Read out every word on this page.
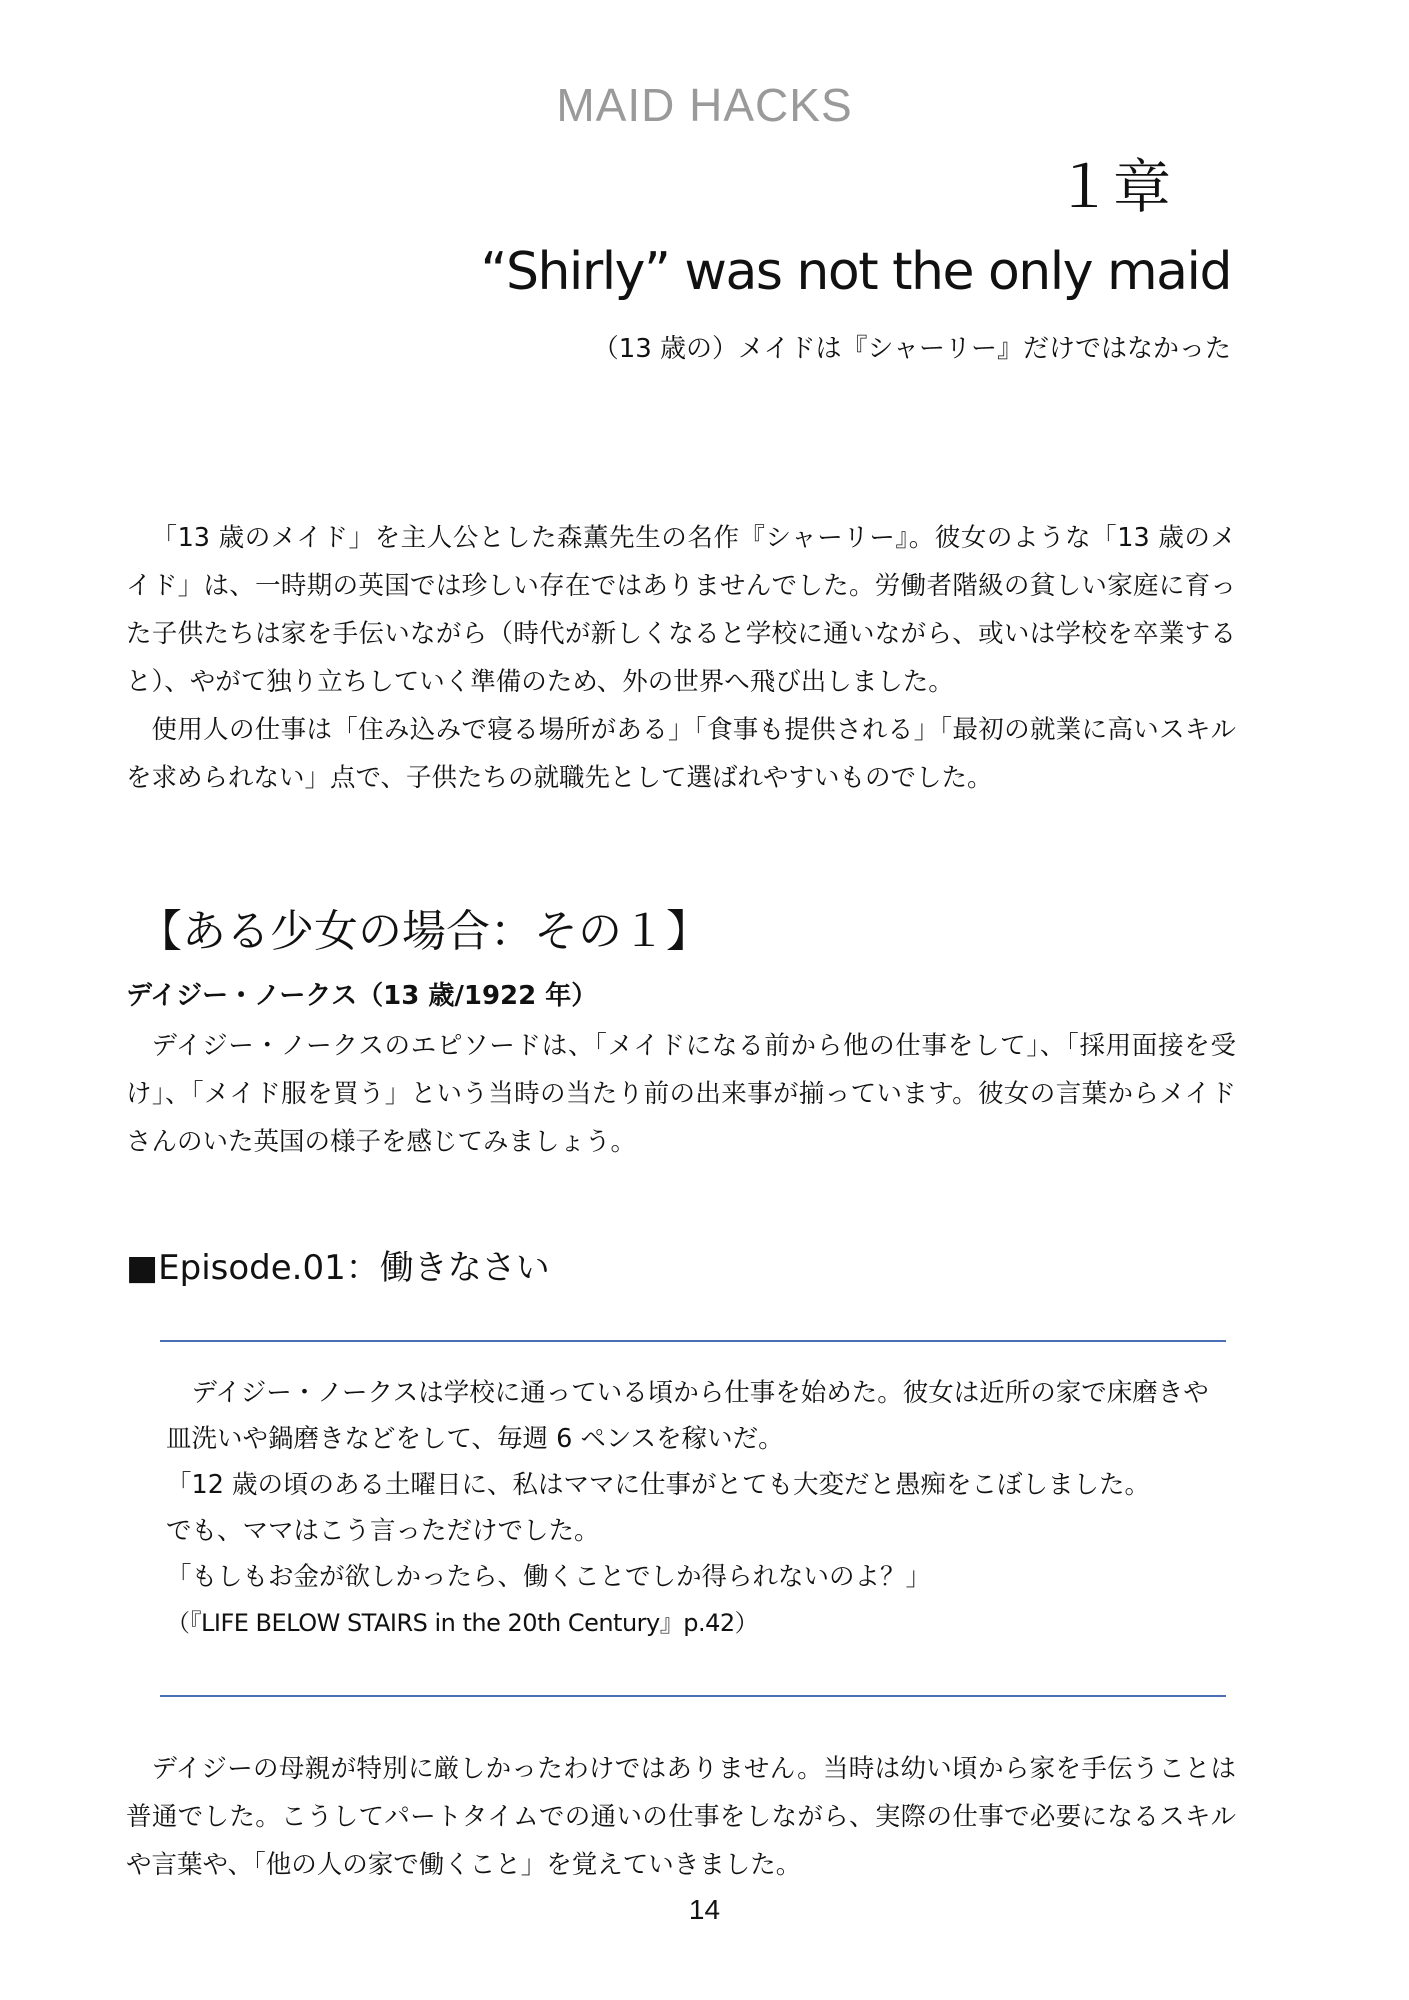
MAID HACKS
１章
“Shirly” was not the only maid
（13 歳の）メイドは『シャーリー』だけではなかった

「13 歳のメイド」を主人公とした森薫先生の名作『シャーリー』。彼女のような「13 歳のメイド」は、一時期の英国では珍しい存在ではありませんでした。労働者階級の貧しい家庭に育った子供たちは家を手伝いながら（時代が新しくなると学校に通いながら、或いは学校を卒業すると）、やがて独り立ちしていく準備のため、外の世界へ飛び出しました。

使用人の仕事は「住み込みで寝る場所がある」「食事も提供される」「最初の就業に高いスキルを求められない」点で、子供たちの就職先として選ばれやすいものでした。

【ある少女の場合：その１】
デイジー・ノークス（13 歳/1922 年）

デイジー・ノークスのエピソードは、「メイドになる前から他の仕事をして」、「採用面接を受け」、「メイド服を買う」という当時の当たり前の出来事が揃っています。彼女の言葉からメイドさんのいた英国の様子を感じてみましょう。

■Episode.01：働きなさい

デイジー・ノークスは学校に通っている頃から仕事を始めた。彼女は近所の家で床磨きや皿洗いや鍋磨きなどをして、毎週 6 ペンスを稼いだ。

「12 歳の頃のある土曜日に、私はママに仕事がとても大変だと愚痴をこぼしました。

でも、ママはこう言っただけでした。

「もしもお金が欲しかったら、働くことでしか得られないのよ？」

（『LIFE BELOW STAIRS in the 20th Century』p.42）

デイジーの母親が特別に厳しかったわけではありません。当時は幼い頃から家を手伝うことは普通でした。こうしてパートタイムでの通いの仕事をしながら、実際の仕事で必要になるスキルや言葉や、「他の人の家で働くこと」を覚えていきました。

14
